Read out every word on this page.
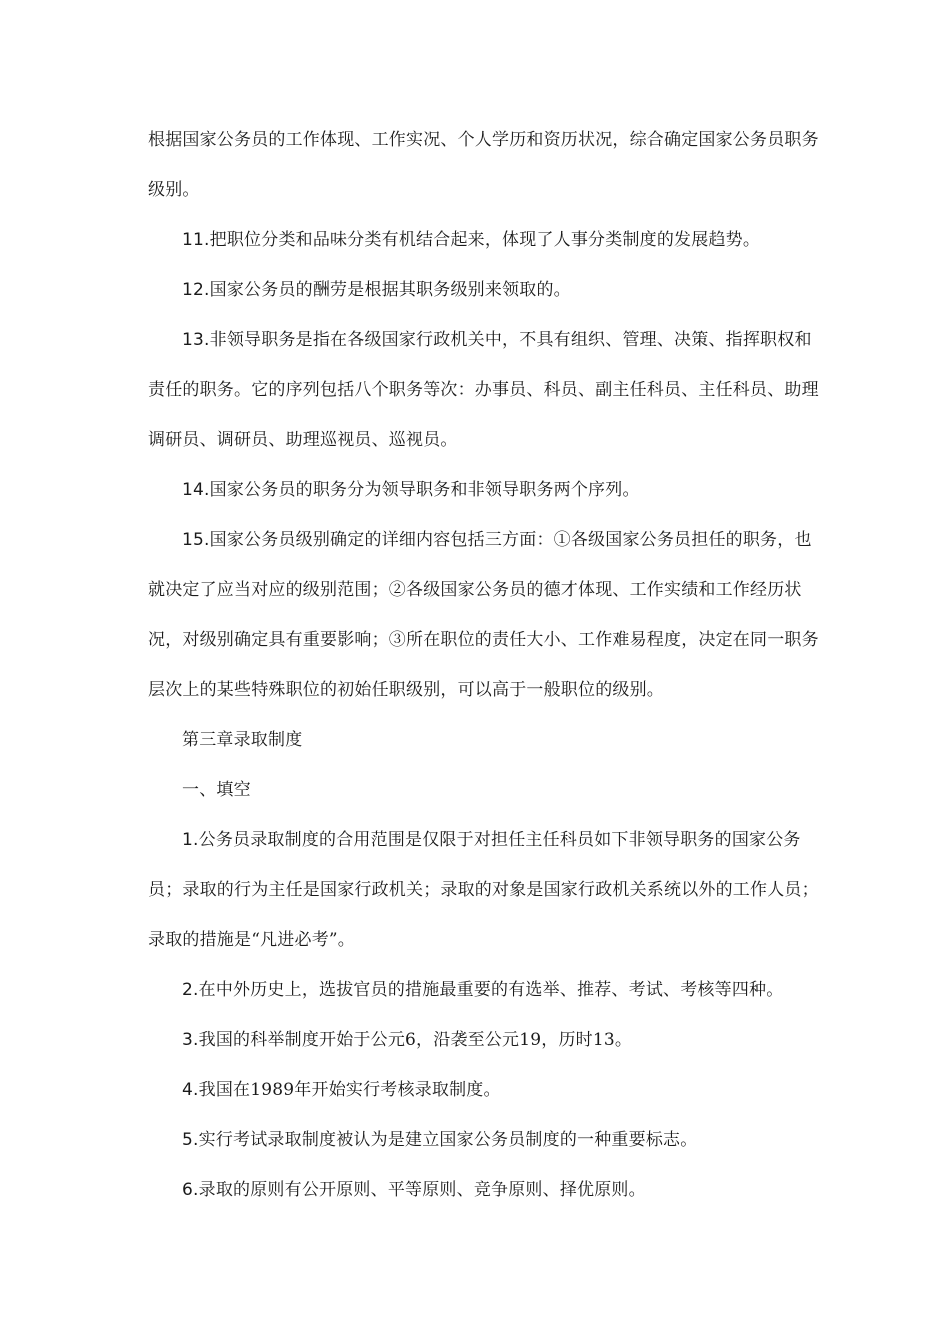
根据国家公务员的工作体现、工作实况、个人学历和资历状况，综合确定国家公务员职务
级别。
11.把职位分类和品味分类有机结合起来，体现了人事分类制度的发展趋势。
12.国家公务员的酬劳是根据其职务级别来领取的。
13.非领导职务是指在各级国家行政机关中，不具有组织、管理、决策、指挥职权和
责任的职务。它的序列包括八个职务等次：办事员、科员、副主任科员、主任科员、助理
调研员、调研员、助理巡视员、巡视员。
14.国家公务员的职务分为领导职务和非领导职务两个序列。
15.国家公务员级别确定的详细内容包括三方面：①各级国家公务员担任的职务，也
就决定了应当对应的级别范围；②各级国家公务员的德才体现、工作实绩和工作经历状
况，对级别确定具有重要影响；③所在职位的责任大小、工作难易程度，决定在同一职务
层次上的某些特殊职位的初始任职级别，可以高于一般职位的级别。
第三章录取制度
一、填空
1.公务员录取制度的合用范围是仅限于对担任主任科员如下非领导职务的国家公务
员；录取的行为主任是国家行政机关；录取的对象是国家行政机关系统以外的工作人员；
录取的措施是“凡进必考”。
2.在中外历史上，选拔官员的措施最重要的有选举、推荐、考试、考核等四种。
3.我国的科举制度开始于公元6，沿袭至公元19，历时13。
4.我国在1989年开始实行考核录取制度。
5.实行考试录取制度被认为是建立国家公务员制度的一种重要标志。
6.录取的原则有公开原则、平等原则、竞争原则、择优原则。
